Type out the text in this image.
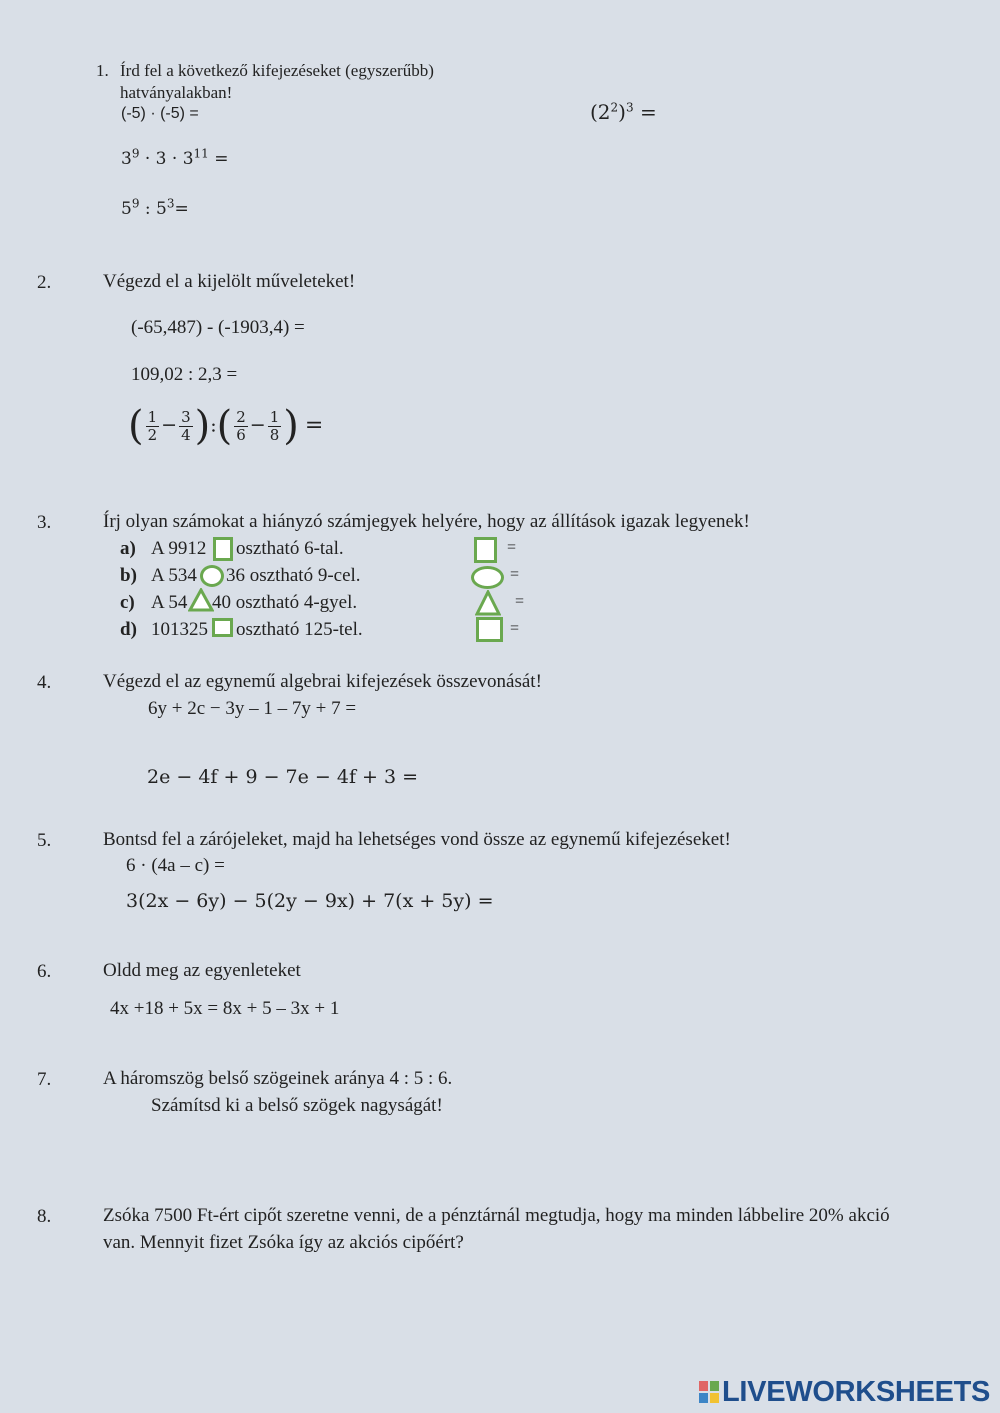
1. Írd fel a következő kifejezéseket (egyszerűbb)
hatványalakban!
(-5) · (-5) =
$3^9 \cdot 3 \cdot 3^{11}$ =
$5^9$ : $5^3=$
$(2^2)^3$ =
2.	Végezd el a kijelölt műveleteket!
(-65,487) - (-1903,4) =
109,02 : 2,3 =
( $\frac{1}{2} - \frac{3}{4}$ ):( $\frac{2}{6} - \frac{1}{8}$ ) =
3.	Írj olyan számokat a hiányzó számjegyek helyére, hogy az állítások igazak legyenek!
a) A 9912 osztható 6-tal.	=
b) A 534 36 osztható 9-cel.	=
c) A 54 40 osztható 4-gyel.	=
d) 101325 osztható 125-tel.	=
4.	Végezd el az egynemű algebrai kifejezések összevonását!
6y + 2c − 3y – 1 – 7y + 7 =
2e − 4f + 9 − 7e − 4f + 3 =
5.	Bontsd fel a zárójeleket, majd ha lehetséges vond össze az egynemű kifejezéseket!
6 · (4a – c) =
3(2x − 6y) − 5(2y − 9x) + 7(x + 5y) =
6.	Oldd meg az egyenleteket
4x +18 + 5x = 8x + 5 – 3x + 1
7.	A háromszög belső szögeinek aránya 4 : 5 : 6.
Számítsd ki a belső szögek nagyságát!
8.	Zsóka 7500 Ft-ért cipőt szeretne venni, de a pénztárnál megtudja, hogy ma minden lábbelire 20% akció
van. Mennyit fizet Zsóka így az akciós cipőért?
LIVEWORKSHEETS
